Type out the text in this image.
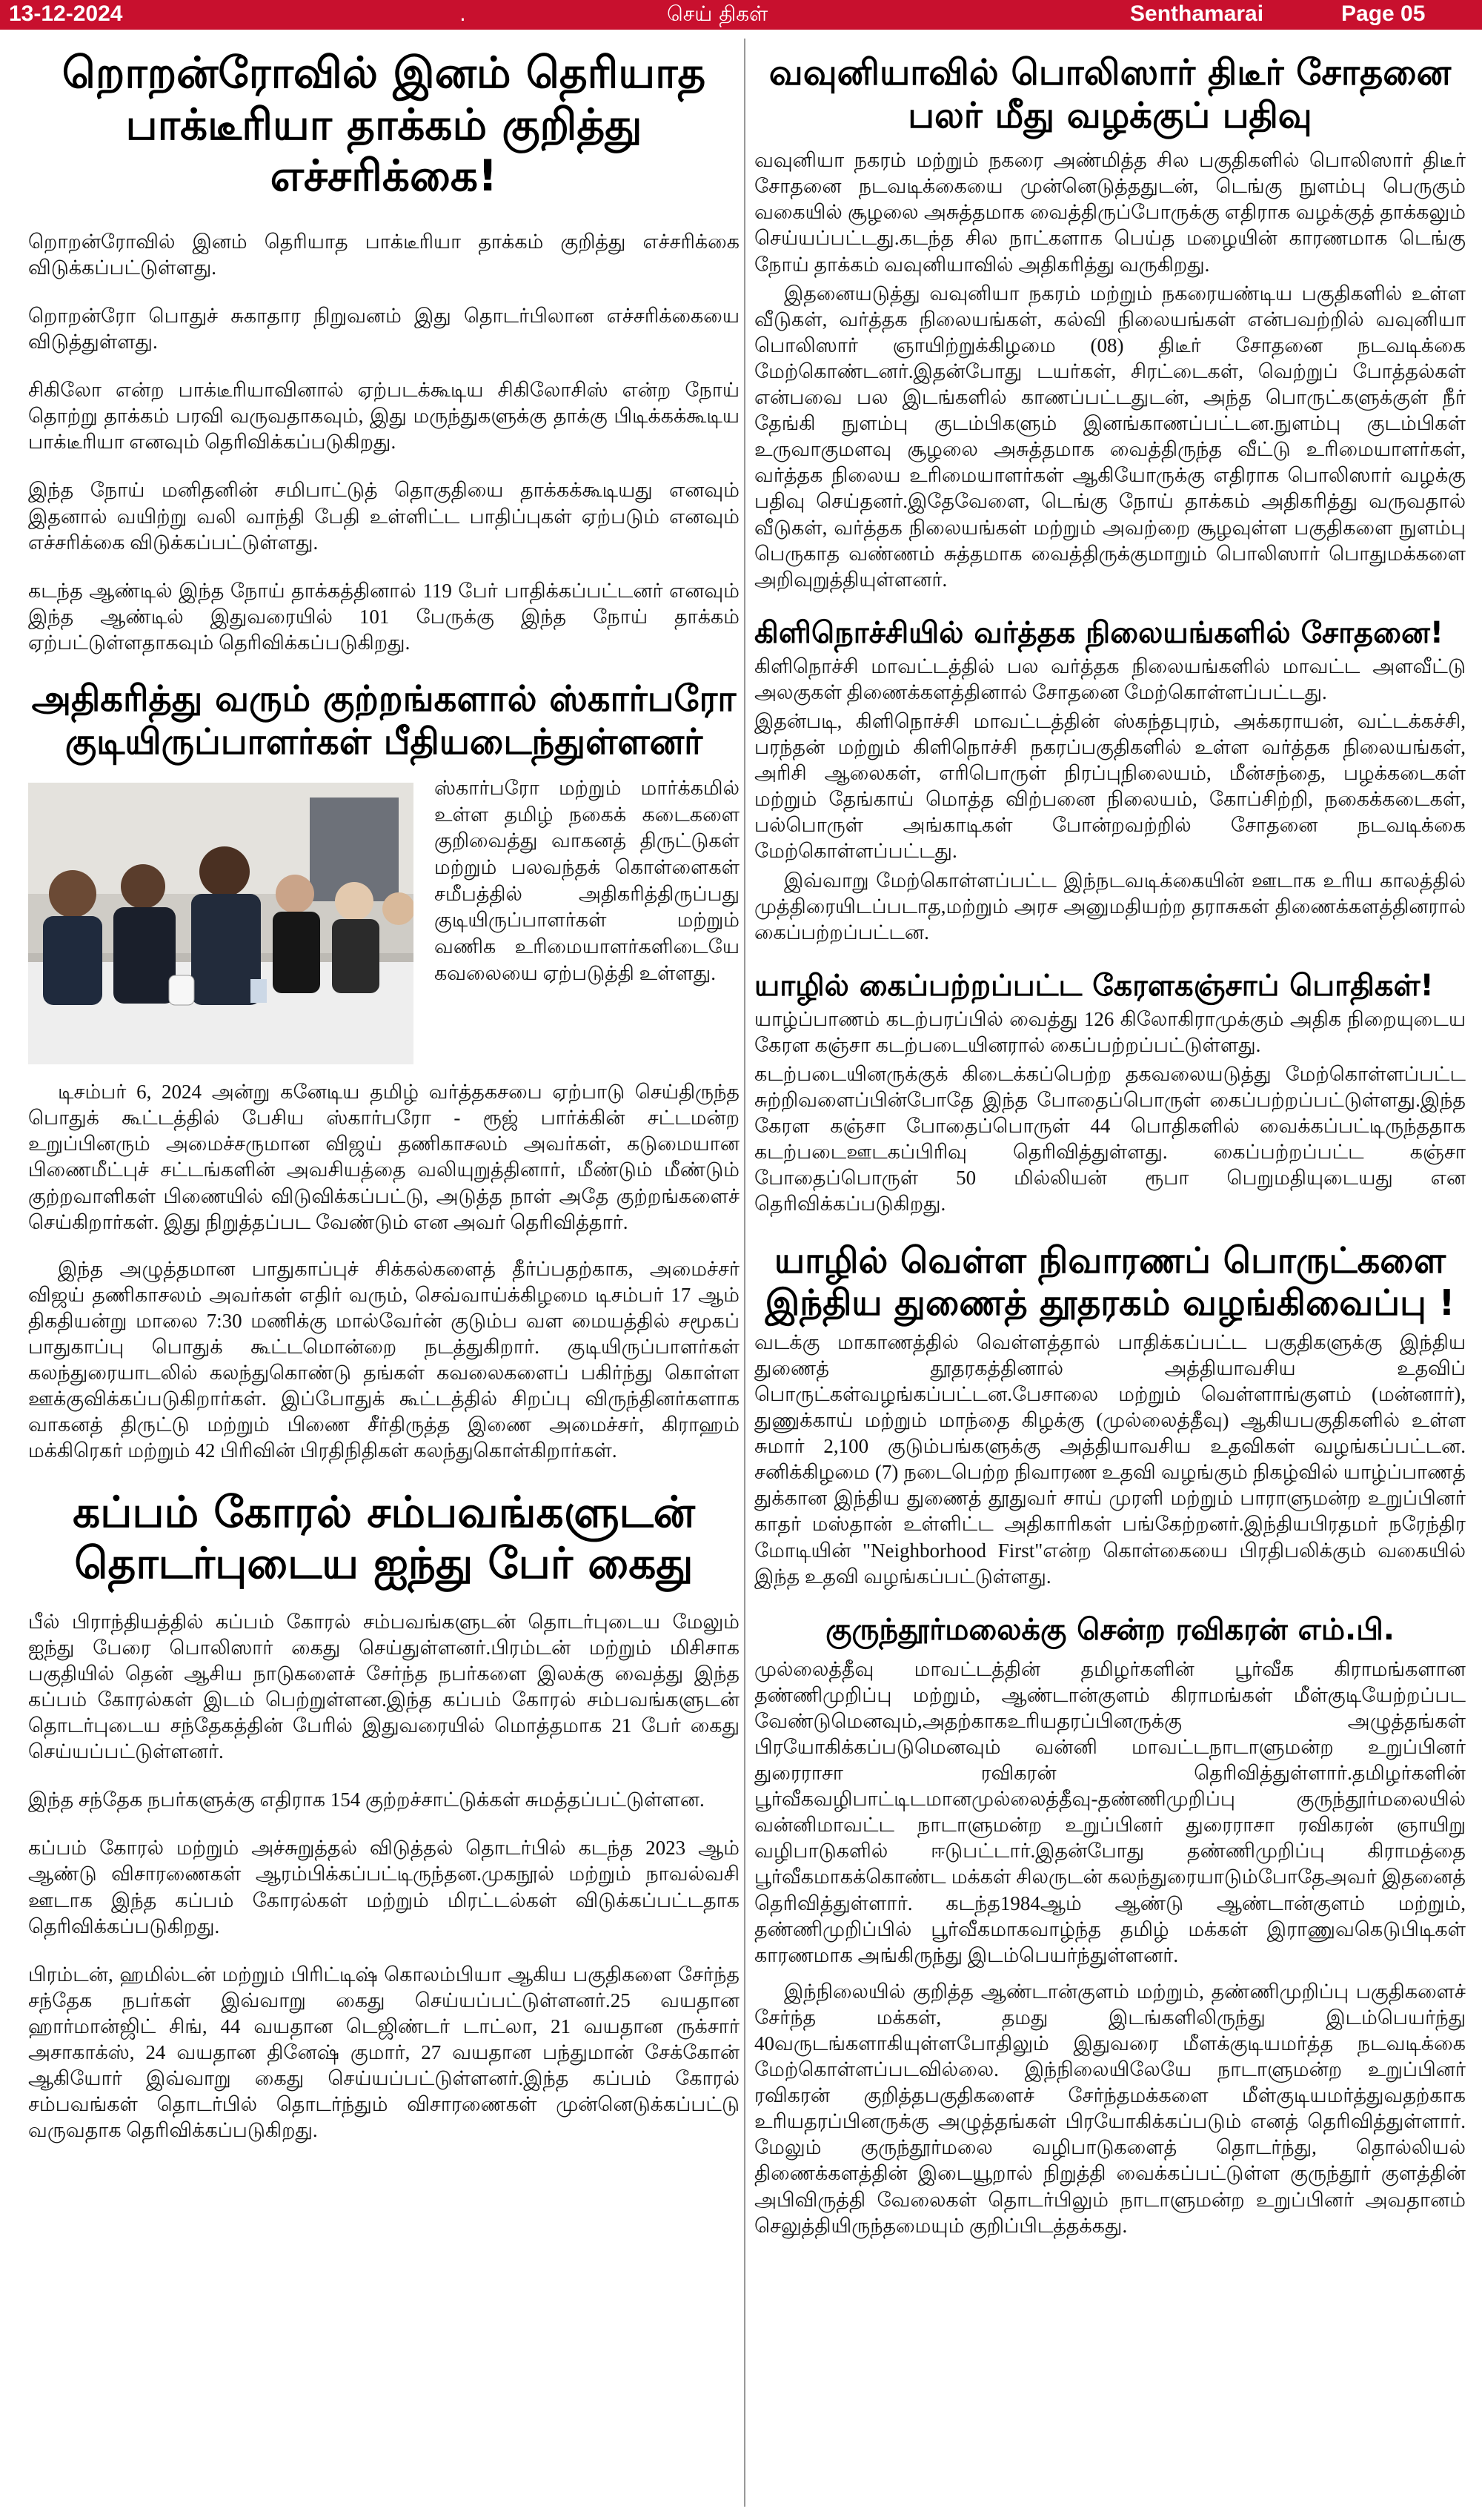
13-12-2024	.	செய் திகள்	Senthamarai	Page 05
றொறன்ரோவில் இனம் தெரியாத
பாக்டீரியா தாக்கம் குறித்து எச்சரிக்கை!

றொறன்ரோவில் இனம் தெரியாத பாக்டீரியா தாக்கம் குறித்து எச்சரிக்கை விடுக்கப்பட்டுள்ளது.

றொறன்ரோ பொதுச் சுகாதார நிறுவனம் இது தொடர்பிலான எச்சரிக்கையை விடுத்துள்ளது.

சிகிலோ என்ற பாக்டீரியாவினால் ஏற்படக்கூடிய சிகிலோசிஸ் என்ற நோய் தொற்று தாக்கம் பரவி வருவதாகவும், இது மருந்துகளுக்கு தாக்கு பிடிக்கக்கூடிய பாக்டீரியா எனவும் தெரிவிக்கப்படுகிறது.

இந்த நோய் மனிதனின் சமிபாட்டுத் தொகுதியை தாக்கக்கூடியது எனவும் இதனால் வயிற்று வலி வாந்தி பேதி உள்ளிட்ட பாதிப்புகள் ஏற்படும் எனவும் எச்சரிக்கை விடுக்கப்பட்டுள்ளது.

கடந்த ஆண்டில் இந்த நோய் தாக்கத்தினால் 119 பேர் பாதிக்கப்பட்டனர் எனவும் இந்த ஆண்டில் இதுவரையில் 101 பேருக்கு இந்த நோய் தாக்கம் ஏற்பட்டுள்ளதாகவும் தெரிவிக்கப்படுகிறது.

அதிகரித்து வரும் குற்றங்களால் ஸ்கார்பரோ
குடியிருப்பாளர்கள் பீதியடைந்துள்ளனர்
ஸ்கார்பரோ மற்றும் மார்க்கமில் உள்ள தமிழ் நகைக் கடைகளை குறிவைத்து வாகனத் திருட்டுகள் மற்றும் பலவந்தக் கொள்ளைகள் சமீபத்தில் அதிகரித்திருப்பது குடியிருப்பாளர்கள் மற்றும் வணிக உரிமையாளர்களிடையே கவலையை ஏற்படுத்தி உள்ளது.

டிசம்பர் 6, 2024 அன்று கனேடிய தமிழ் வர்த்தகசபை ஏற்பாடு செய்திருந்த பொதுக் கூட்டத்தில் பேசிய ஸ்கார்பரோ - ரூஜ் பார்க்கின் சட்டமன்ற உறுப்பினரும் அமைச்சருமான விஜய் தணிகாசலம் அவர்கள், கடுமையான பிணைமீட்புச் சட்டங்களின் அவசியத்தை வலியுறுத்தினார், மீண்டும் மீண்டும் குற்றவாளிகள் பிணையில் விடுவிக்கப்பட்டு, அடுத்த நாள் அதே குற்றங்களைச் செய்கிறார்கள். இது நிறுத்தப்பட வேண்டும் என அவர் தெரிவித்தார்.

இந்த அழுத்தமான பாதுகாப்புச் சிக்கல்களைத் தீர்ப்பதற்காக, அமைச்சர் விஜய் தணிகாசலம் அவர்கள் எதிர் வரும், செவ்வாய்க்கிழமை டிசம்பர் 17 ஆம் திகதியன்று மாலை 7:30 மணிக்கு மால்வேர்ன் குடும்ப வள மையத்தில் சமூகப் பாதுகாப்பு பொதுக் கூட்டமொன்றை நடத்துகிறார். குடியிருப்பாளர்கள் கலந்துரையாடலில் கலந்துகொண்டு தங்கள் கவலைகளைப் பகிர்ந்து கொள்ள ஊக்குவிக்கப்படுகிறார்கள். இப்போதுக் கூட்டத்தில் சிறப்பு விருந்தினர்களாக வாகனத் திருட்டு மற்றும் பிணை சீர்திருத்த இணை அமைச்சர், கிராஹம் மக்கிரெகர் மற்றும் 42 பிரிவின் பிரதிநிதிகள் கலந்துகொள்கிறார்கள்.

கப்பம் கோரல் சம்பவங்களுடன்
தொடர்புடைய ஐந்து பேர் கைது

பீல் பிராந்தியத்தில் கப்பம் கோரல் சம்பவங்களுடன் தொடர்புடைய மேலும் ஐந்து பேரை பொலிஸார் கைது செய்துள்ளனர்.பிரம்டன் மற்றும் மிசிசாக பகுதியில் தென் ஆசிய நாடுகளைச் சேர்ந்த நபர்களை இலக்கு வைத்து இந்த கப்பம் கோரல்கள் இடம் பெற்றுள்ளன.இந்த கப்பம் கோரல் சம்பவங்களுடன் தொடர்புடைய சந்தேகத்தின் பேரில் இதுவரையில் மொத்தமாக 21 பேர் கைது செய்யப்பட்டுள்ளனர்.

இந்த சந்தேக நபர்களுக்கு எதிராக 154 குற்றச்சாட்டுக்கள் சுமத்தப்பட்டுள்ளன.

கப்பம் கோரல் மற்றும் அச்சுறுத்தல் விடுத்தல் தொடர்பில் கடந்த 2023 ஆம் ஆண்டு விசாரணைகள் ஆரம்பிக்கப்பட்டிருந்தன.முகநூல் மற்றும் நாவல்வசி ஊடாக இந்த கப்பம் கோரல்கள் மற்றும் மிரட்டல்கள் விடுக்கப்பட்டதாக தெரிவிக்கப்படுகிறது.

பிரம்டன், ஹமில்டன் மற்றும் பிரிட்டிஷ் கொலம்பியா ஆகிய பகுதிகளை சேர்ந்த சந்தேக நபர்கள் இவ்வாறு கைது செய்யப்பட்டுள்ளனர்.25 வயதான ஹார்மான்ஜிட் சிங், 44 வயதான டெஜிண்டர் டாட்லா, 21 வயதான ருக்சார் அசாகாக்ஸ், 24 வயதான தினேஷ் குமார், 27 வயதான பந்துமான் சேக்கோன் ஆகியோர் இவ்வாறு கைது செய்யப்பட்டுள்ளனர்.இந்த கப்பம் கோரல் சம்பவங்கள் தொடர்பில் தொடர்ந்தும் விசாரணைகள் முன்னெடுக்கப்பட்டு வருவதாக தெரிவிக்கப்படுகிறது.

வவுனியாவில் பொலிஸார் திடீர் சோதனை
பலர் மீது வழக்குப் பதிவு

வவுனியா நகரம் மற்றும் நகரை அண்மித்த சில பகுதிகளில் பொலிஸார் திடீர் சோதனை நடவடிக்கையை முன்னெடுத்ததுடன், டெங்கு நுளம்பு பெருகும் வகையில் சூழலை அசுத்தமாக வைத்திருப்போருக்கு எதிராக வழக்குத் தாக்கலும் செய்யப்பட்டது.கடந்த சில நாட்களாக பெய்த மழையின் காரணமாக டெங்கு நோய் தாக்கம் வவுனியாவில் அதிகரித்து வருகிறது.

இதனையடுத்து வவுனியா நகரம் மற்றும் நகரையண்டிய பகுதிகளில் உள்ள வீடுகள், வர்த்தக நிலையங்கள், கல்வி நிலையங்கள் என்பவற்றில் வவுனியா பொலிஸார் ஞாயிற்றுக்கிழமை (08) திடீர் சோதனை நடவடிக்கை மேற்கொண்டனர்.இதன்போது டயர்கள், சிரட்டைகள், வெற்றுப் போத்தல்கள் என்பவை பல இடங்களில் காணப்பட்டதுடன், அந்த பொருட்களுக்குள் நீர் தேங்கி நுளம்பு குடம்பிகளும் இனங்காணப்பட்டன.நுளம்பு குடம்பிகள் உருவாகுமளவு சூழலை அசுத்தமாக வைத்திருந்த வீட்டு உரிமையாளர்கள், வர்த்தக நிலைய உரிமையாளர்கள் ஆகியோருக்கு எதிராக பொலிஸார் வழக்கு பதிவு செய்தனர்.இதேவேளை, டெங்கு நோய் தாக்கம் அதிகரித்து வருவதால் வீடுகள், வர்த்தக நிலையங்கள் மற்றும் அவற்றை சூழவுள்ள பகுதிகளை நுளம்பு பெருகாத வண்ணம் சுத்தமாக வைத்திருக்குமாறும் பொலிஸார் பொதுமக்களை அறிவுறுத்தியுள்ளனர்.

கிளிநொச்சியில் வர்த்தக நிலையங்களில் சோதனை!

கிளிநொச்சி மாவட்டத்தில் பல வர்த்தக நிலையங்களில் மாவட்ட அளவீட்டு அலகுகள் திணைக்களத்தினால் சோதனை மேற்கொள்ளப்பட்டது.

இதன்படி, கிளிநொச்சி மாவட்டத்தின் ஸ்கந்தபுரம், அக்கராயன், வட்டக்கச்சி, பரந்தன் மற்றும் கிளிநொச்சி நகரப்பகுதிகளில் உள்ள வர்த்தக நிலையங்கள், அரிசி ஆலைகள், எரிபொருள் நிரப்புநிலையம், மீன்சந்தை, பழக்கடைகள் மற்றும் தேங்காய் மொத்த விற்பனை நிலையம், கோப்சிற்றி, நகைக்கடைகள், பல்பொருள் அங்காடிகள் போன்றவற்றில் சோதனை நடவடிக்கை மேற்கொள்ளப்பட்டது.

இவ்வாறு மேற்கொள்ளப்பட்ட இந்நடவடிக்கையின் ஊடாக உரிய காலத்தில் முத்திரையிடப்படாத,மற்றும் அரச அனுமதியற்ற தராசுகள் திணைக்களத்தினரால் கைப்பற்றப்பட்டன.

யாழில் கைப்பற்றப்பட்ட கேரளகஞ்சாப் பொதிகள்!

யாழ்ப்பாணம் கடற்பரப்பில் வைத்து 126 கிலோகிராமுக்கும் அதிக நிறையுடைய கேரள கஞ்சா கடற்படையினரால் கைப்பற்றப்பட்டுள்ளது.

கடற்படையினருக்குக் கிடைக்கப்பெற்ற தகவலையடுத்து மேற்கொள்ளப்பட்ட சுற்றிவளைப்பின்போதே இந்த போதைப்பொருள் கைப்பற்றப்பட்டுள்ளது.இந்த கேரள கஞ்சா போதைப்பொருள் 44 பொதிகளில் வைக்கப்பட்டிருந்ததாக கடற்படைஊடகப்பிரிவு தெரிவித்துள்ளது. கைப்பற்றப்பட்ட கஞ்சா போதைப்பொருள் 50 மில்லியன் ரூபா பெறுமதியுடையது என தெரிவிக்கப்படுகிறது.

யாழில் வெள்ள நிவாரணப் பொருட்களை
இந்திய துணைத் தூதரகம் வழங்கிவைப்பு !

வடக்கு மாகாணத்தில் வெள்ளத்தால் பாதிக்கப்பட்ட பகுதிகளுக்கு இந்திய துணைத் தூதரகத்தினால் அத்தியாவசிய உதவிப் பொருட்கள்வழங்கப்பட்டன.பேசாலை மற்றும் வெள்ளாங்குளம் (மன்னார்), துணுக்காய் மற்றும் மாந்தை கிழக்கு (முல்லைத்தீவு) ஆகியபகுதிகளில் உள்ள சுமார் 2,100 குடும்பங்களுக்கு அத்தியாவசிய உதவிகள் வழங்கப்பட்டன. சனிக்கிழமை (7) நடைபெற்ற நிவாரண உதவி வழங்கும் நிகழ்வில் யாழ்ப்பாணத் துக்கான இந்திய துணைத் தூதுவர் சாய் முரளி மற்றும் பாராளுமன்ற உறுப்பினர் காதர் மஸ்தான் உள்ளிட்ட அதிகாரிகள் பங்கேற்றனர்.இந்தியபிரதமர் நரேந்திர மோடியின் "Neighborhood First"என்ற கொள்கையை பிரதிபலிக்கும் வகையில் இந்த உதவி வழங்கப்பட்டுள்ளது.

குருந்தூர்மலைக்கு சென்ற ரவிகரன் எம்.பி.

முல்லைத்தீவு மாவட்டத்தின் தமிழர்களின் பூர்வீக கிராமங்களான தண்ணிமுறிப்பு மற்றும், ஆண்டான்குளம் கிராமங்கள் மீள்குடியேற்றப்பட வேண்டுமெனவும்,அதற்காகஉரியதரப்பினருக்கு அழுத்தங்கள் பிரயோகிக்கப்படுமெனவும் வன்னி மாவட்டநாடாளுமன்ற உறுப்பினர் துரைராசா ரவிகரன் தெரிவித்துள்ளார்.தமிழர்களின் பூர்வீகவழிபாட்டிடமானமுல்லைத்தீவு-தண்ணிமுறிப்பு குருந்தூர்மலையில் வன்னிமாவட்ட நாடாளுமன்ற உறுப்பினர் துரைராசா ரவிகரன் ஞாயிறு வழிபாடுகளில் ஈடுபட்டார்.இதன்போது தண்ணிமுறிப்பு கிராமத்தை பூர்வீகமாகக்கொண்ட மக்கள் சிலருடன் கலந்துரையாடும்போதேஅவர் இதனைத் தெரிவித்துள்ளார். கடந்த1984ஆம் ஆண்டு ஆண்டான்குளம் மற்றும், தண்ணிமுறிப்பில் பூர்வீகமாகவாழ்ந்த தமிழ் மக்கள் இராணுவகெடுபிடிகள் காரணமாக அங்கிருந்து இடம்பெயர்ந்துள்ளனர்.

இந்நிலையில் குறித்த ஆண்டான்குளம் மற்றும், தண்ணிமுறிப்பு பகுதிகளைச் சேர்ந்த மக்கள், தமது இடங்களிலிருந்து இடம்பெயர்ந்து 40வருடங்களாகியுள்ளபோதிலும் இதுவரை மீளக்குடியமர்த்த நடவடிக்கை மேற்கொள்ளப்படவில்லை. இந்நிலையிலேயே நாடாளுமன்ற உறுப்பினர் ரவிகரன் குறித்தபகுதிகளைச் சேர்ந்தமக்களை மீள்குடியமர்த்துவதற்காக உரியதரப்பினருக்கு அழுத்தங்கள் பிரயோகிக்கப்படும் எனத் தெரிவித்துள்ளார். மேலும் குருந்தூர்மலை வழிபாடுகளைத் தொடர்ந்து, தொல்லியல் திணைக்களத்தின் இடையூறால் நிறுத்தி வைக்கப்பட்டுள்ள குருந்தூர் குளத்தின் அபிவிருத்தி வேலைகள் தொடர்பிலும் நாடாளுமன்ற உறுப்பினர் அவதானம் செலுத்தியிருந்தமையும் குறிப்பிடத்தக்கது.
